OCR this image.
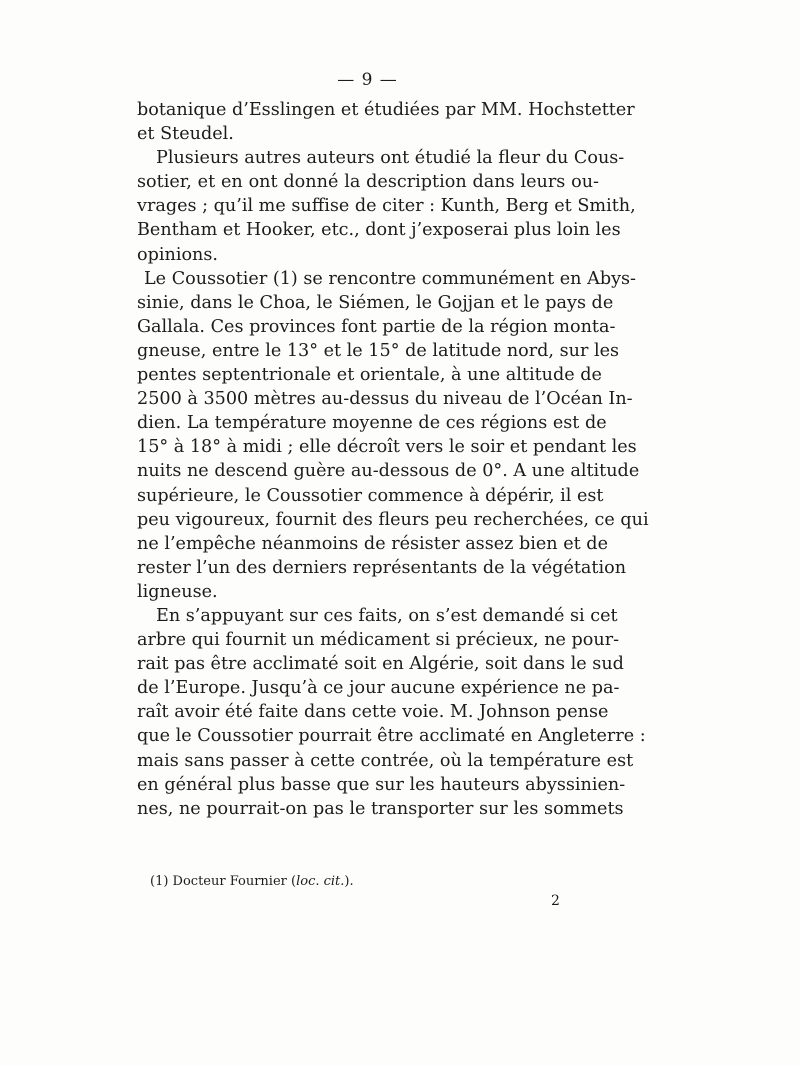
— 9 —
botanique d’Esslingen et étudiées par MM. Hochstetter
et Steudel.
Plusieurs autres auteurs ont étudié la fleur du Cous-
sotier, et en ont donné la description dans leurs ou-
vrages ; qu’il me suffise de citer : Kunth, Berg et Smith,
Bentham et Hooker, etc., dont j’exposerai plus loin les
opinions.
Le Coussotier (1) se rencontre communément en Abys-
sinie, dans le Choa, le Siémen, le Gojjan et le pays de
Gallala. Ces provinces font partie de la région monta-
gneuse, entre le 13° et le 15° de latitude nord, sur les
pentes septentrionale et orientale, à une altitude de
2500 à 3500 mètres au-dessus du niveau de l’Océan In-
dien. La température moyenne de ces régions est de
15° à 18° à midi ; elle décroît vers le soir et pendant les
nuits ne descend guère au-dessous de 0°. A une altitude
supérieure, le Coussotier commence à dépérir, il est
peu vigoureux, fournit des fleurs peu recherchées, ce qui
ne l’empêche néanmoins de résister assez bien et de
rester l’un des derniers représentants de la végétation
ligneuse.
En s’appuyant sur ces faits, on s’est demandé si cet
arbre qui fournit un médicament si précieux, ne pour-
rait pas être acclimaté soit en Algérie, soit dans le sud
de l’Europe. Jusqu’à ce jour aucune expérience ne pa-
raît avoir été faite dans cette voie. M. Johnson pense
que le Coussotier pourrait être acclimaté en Angleterre :
mais sans passer à cette contrée, où la température est
en général plus basse que sur les hauteurs abyssinien-
nes, ne pourrait-on pas le transporter sur les sommets
(1) Docteur Fournier (loc. cit.).
2
